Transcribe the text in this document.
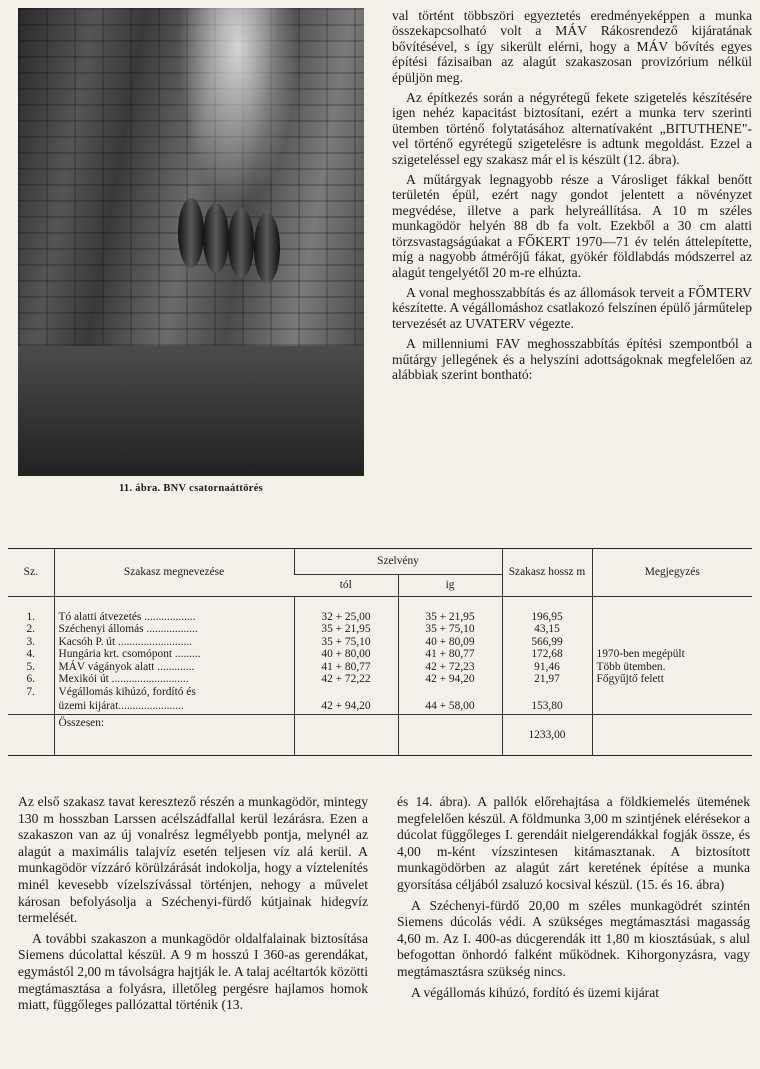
11. ábra. BNV csatornaáttörés

val történt többszöri egyeztetés eredményeképpen a munka összekapcsolható volt a MÁV Rákosrendező kijáratának bővítésével, s így sikerült elérni, hogy a MÁV bővítés egyes építési fázisaiban az alagút szakaszosan provizórium nélkül épüljön meg.

Az építkezés során a négyrétegű fekete szigetelés készítésére igen nehéz kapacitást biztosítani, ezért a munka terv szerinti ütemben történő folytatásához alternatívaként „BITUTHENE"-vel történő egyrétegű szigetelésre is adtunk megoldást. Ezzel a szigeteléssel egy szakasz már el is készült (12. ábra).

A műtárgyak legnagyobb része a Városliget fákkal benőtt területén épül, ezért nagy gondot jelentett a növényzet megvédése, illetve a park helyreállítása. A 10 m széles munkagödör helyén 88 db fa volt. Ezekből a 30 cm alatti törzsvastagságúakat a FŐKERT 1970—71 év telén áttelepítette, míg a nagyobb átmérőjű fákat, gyökér földlabdás módszerrel az alagút tengelyétől 20 m-re elhúzta.

A vonal meghosszabbítás és az állomások terveit a FŐMTERV készítette. A végállomáshoz csatlakozó felszínen épülő járműtelep tervezését az UVATERV végezte.

A millenniumi FAV meghosszabbítás építési szempontból a műtárgy jellegének és a helyszíni adottságoknak megfelelően az alábbiak szerint bontható:

Sz.	Szakasz megnevezése	Szelvény		Szakasz hossz m	Megjegyzés
		tól	ig		

1.	Tó alatti átvezetés ..................	32 + 25,00	35 + 21,95	196,95	
2.	Széchenyi állomás ..................	35 + 21,95	35 + 75,10	43,15	
3.	Kacsóh P. út ..........................	35 + 75,10	40 + 80,09	566,99	
4.	Hungária krt. csomópont .........	40 + 80,00	41 + 80,77	172,68	1970-ben megépült
5.	MÁV vágányok alatt .............	41 + 80,77	42 + 72,23	91,46	Több ütemben.
6.	Mexikói út ...........................	42 + 72,22	42 + 94,20	21,97	Főgyűjtő felett
7.	Végállomás kihúzó, fordító és				
	üzemi kijárat.......................	42 + 94,20	44 + 58,00	153,80	
	Összesen:			1233,00	

Az első szakasz tavat keresztező részén a munkagödör, mintegy 130 m hosszban Larssen acélszádfallal kerül lezárásra. Ezen a szakaszon van az új vonalrész legmélyebb pontja, melynél az alagút a maximális talajvíz esetén teljesen víz alá kerül. A munkagödör vízzáró körülzárását indokolja, hogy a víztelenítés minél kevesebb vízelszívással történjen, nehogy a művelet károsan befolyásolja a Széchenyi-fürdő kútjainak hidegvíz termelését.

A további szakaszon a munkagödör oldalfalainak biztosítása Siemens dúcolattal készül. A 9 m hosszú I 360-as gerendákat, egymástól 2,00 m távolságra hajtják le. A talaj acéltartók közötti megtámasztása a folyásra, illetőleg pergésre hajlamos homok miatt, függőleges pallózattal történik (13.

és 14. ábra). A pallók előrehajtása a földkiemelés ütemének megfelelően készül. A földmunka 3,00 m szintjének elérésekor a dúcolat függőleges I. gerendáit nielgerendákkal fogják össze, és 4,00 m-ként vízszintesen kitámasztanak. A biztosított munkagödörben az alagút zárt keretének építése a munka gyorsítása céljából zsaluzó kocsival készül. (15. és 16. ábra)

A Széchenyi-fürdő 20,00 m széles munkagödrét szintén Siemens dúcolás védi. A szükséges megtámasztási magasság 4,60 m. Az I. 400-as dúcgerendák itt 1,80 m kiosztásúak, s alul befogottan önhordó falként működnek. Kihorgonyzásra, vagy megtámasztásra szükség nincs.

A végállomás kihúzó, fordító és üzemi kijárat
